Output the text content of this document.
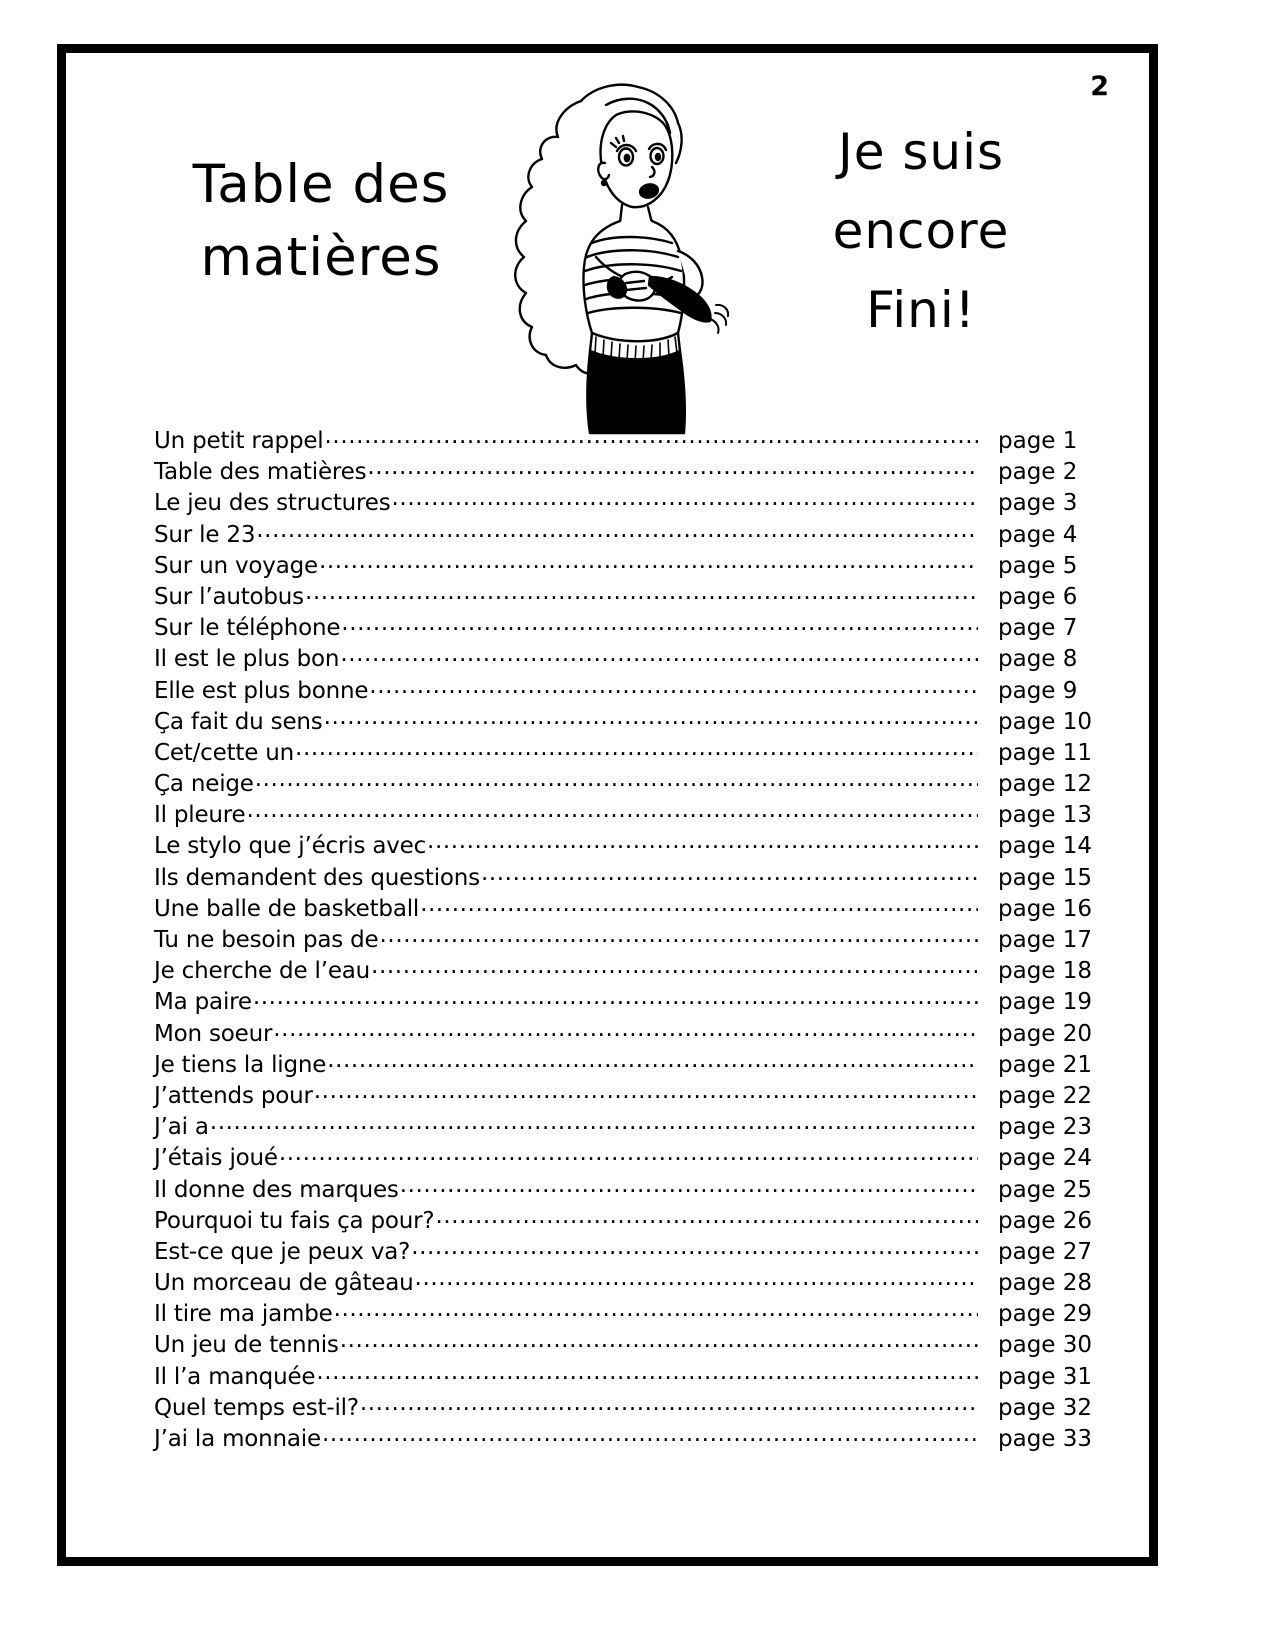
2
Table des
matières
Je suis
encore
Fini!
Un petit rappel .....	page 1
Table des matières .....	page 2
Le jeu des structures .....	page 3
Sur le 23 .....	page 4
Sur un voyage .....	page 5
Sur l’autobus .....	page 6
Sur le téléphone .....	page 7
Il est le plus bon .....	page 8
Elle est plus bonne .....	page 9
Ça fait du sens .....	page 10
Cet/cette un .....	page 11
Ça neige .....	page 12
Il pleure .....	page 13
Le stylo que j’écris avec .....	page 14
Ils demandent des questions .....	page 15
Une balle de basketball .....	page 16
Tu ne besoin pas de .....	page 17
Je cherche de l’eau .....	page 18
Ma paire .....	page 19
Mon soeur .....	page 20
Je tiens la ligne .....	page 21
J’attends pour .....	page 22
J’ai a .....	page 23
J’étais joué .....	page 24
Il donne des marques .....	page 25
Pourquoi tu fais ça pour? .....	page 26
Est-ce que je peux va? .....	page 27
Un morceau de gâteau .....	page 28
Il tire ma jambe .....	page 29
Un jeu de tennis .....	page 30
Il l’a manquée .....	page 31
Quel temps est-il? .....	page 32
J’ai la monnaie .....	page 33
